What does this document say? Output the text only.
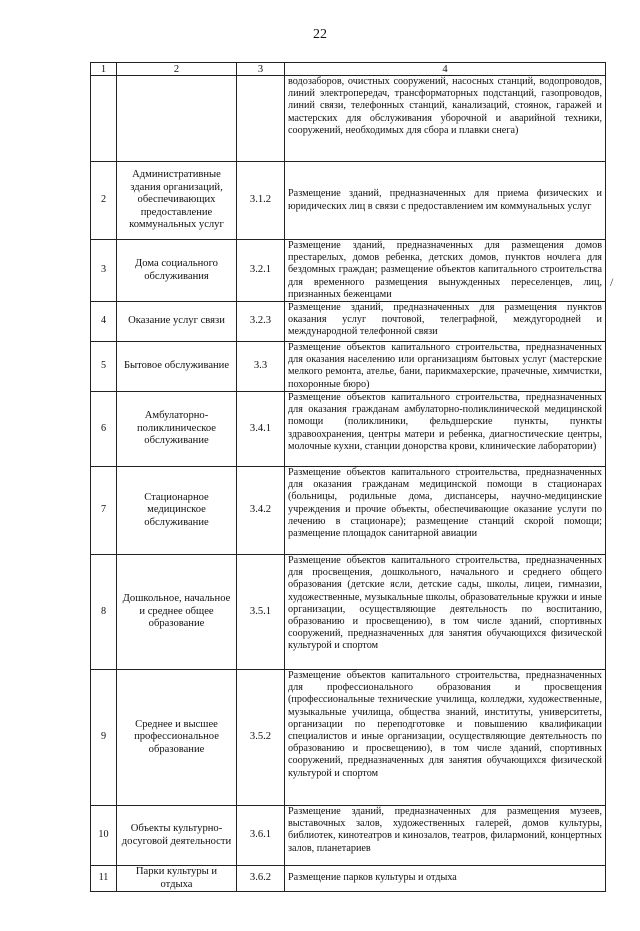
22
1	2	3	4
			водозаборов, очистных сооружений, насосных станций, водопроводов, линий электропередач, трансформаторных подстанций, газопроводов, линий связи, телефонных станций, канализаций, стоянок, гаражей и мастерских для обслуживания уборочной и аварийной техники, сооружений, необходимых для сбора и плавки снега)
2	Административные здания организаций, обеспечивающих предоставление коммунальных услуг	3.1.2	Размещение зданий, предназначенных для приема физических и юридических лиц в связи с предоставлением им коммунальных услуг
3	Дома социального обслуживания	3.2.1	Размещение зданий, предназначенных для размещения домов престарелых, домов ребенка, детских домов, пунктов ночлега для бездомных граждан; размещение объектов капитального строительства для временного размещения вынужденных переселенцев, лиц, признанных беженцами
4	Оказание услуг связи	3.2.3	Размещение зданий, предназначенных для размещения пунктов оказания услуг почтовой, телеграфной, междугородней и международной телефонной связи
5	Бытовое обслуживание	3.3	Размещение объектов капитального строительства, предназначенных для оказания населению или организациям бытовых услуг (мастерские мелкого ремонта, ателье, бани, парикмахерские, прачечные, химчистки, похоронные бюро)
6	Амбулаторно-поликлиническое обслуживание	3.4.1	Размещение объектов капитального строительства, предназначенных для оказания гражданам амбулаторно-поликлинической медицинской помощи (поликлиники, фельдшерские пункты, пункты здравоохранения, центры матери и ребенка, диагностические центры, молочные кухни, станции донорства крови, клинические лаборатории)
7	Стационарное медицинское обслуживание	3.4.2	Размещение объектов капитального строительства, предназначенных для оказания гражданам медицинской помощи в стационарах (больницы, родильные дома, диспансеры, научно-медицинские учреждения и прочие объекты, обеспечивающие оказание услуги по лечению в стационаре); размещение станций скорой помощи; размещение площадок санитарной авиации
8	Дошкольное, начальное и среднее общее образование	3.5.1	Размещение объектов капитального строительства, предназначенных для просвещения, дошкольного, начального и среднего общего образования (детские ясли, детские сады, школы, лицеи, гимназии, художественные, музыкальные школы, образовательные кружки и иные организации, осуществляющие деятельность по воспитанию, образованию и просвещению), в том числе зданий, спортивных сооружений, предназначенных для занятия обучающихся физической культурой и спортом
9	Среднее и высшее профессиональное образование	3.5.2	Размещение объектов капитального строительства, предназначенных для профессионального образования и просвещения (профессиональные технические училища, колледжи, художественные, музыкальные училища, общества знаний, институты, университеты, организации по переподготовке и повышению квалификации специалистов и иные организации, осуществляющие деятельность по образованию и просвещению), в том числе зданий, спортивных сооружений, предназначенных для занятия обучающихся физической культурой и спортом
10	Объекты культурно-досуговой деятельности	3.6.1	Размещение зданий, предназначенных для размещения музеев, выставочных залов, художественных галерей, домов культуры, библиотек, кинотеатров и кинозалов, театров, филармоний, концертных залов, планетариев
11	Парки культуры и отдыха	3.6.2	Размещение парков культуры и отдыха
/
